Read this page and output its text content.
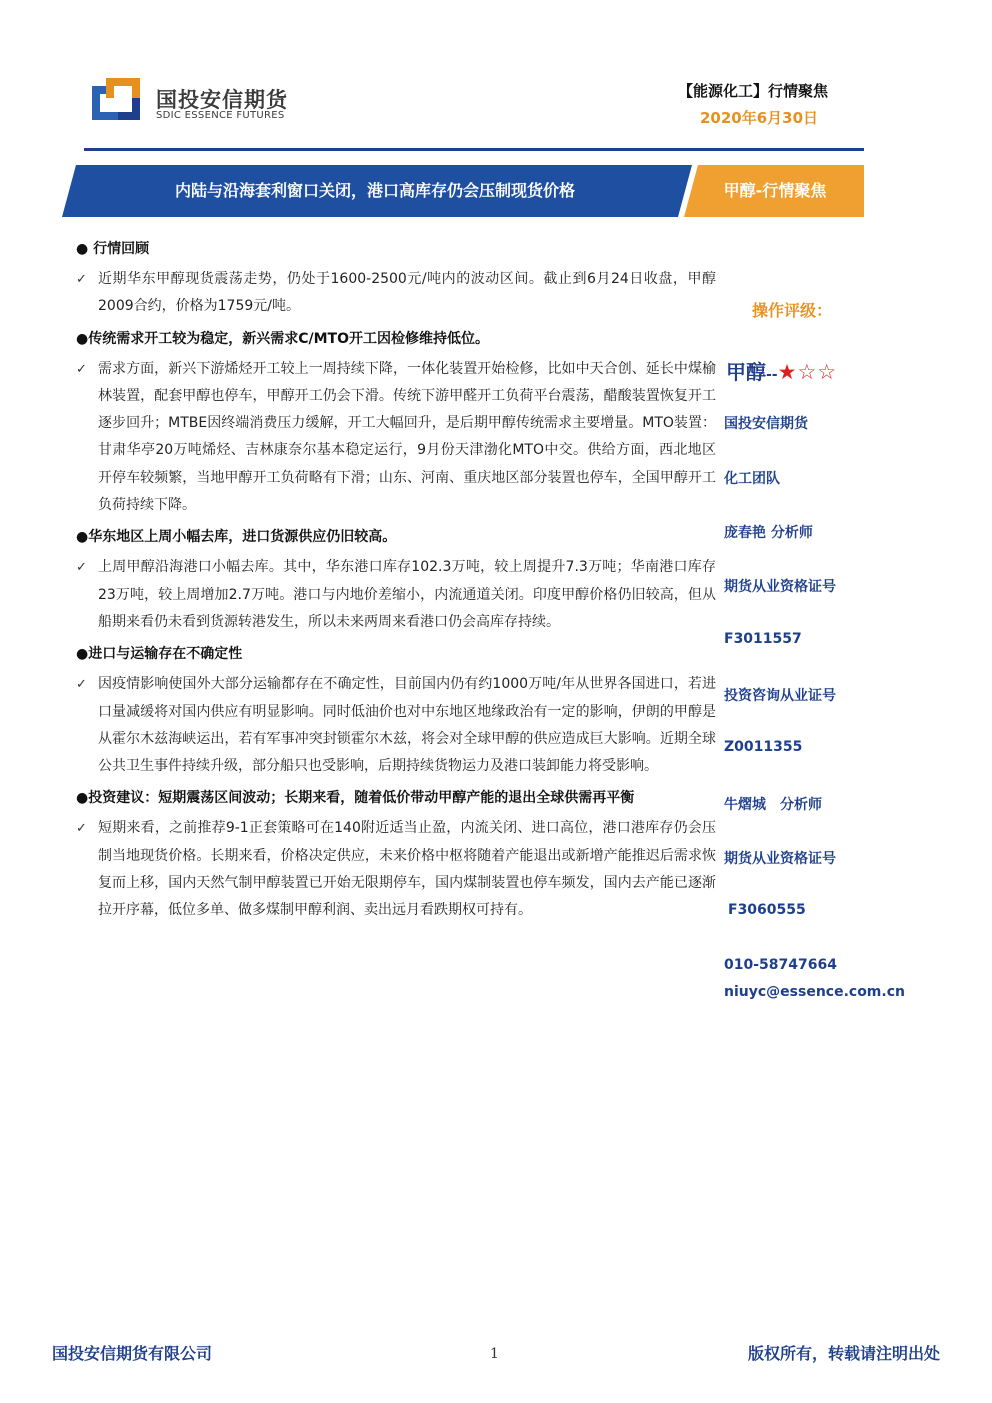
国投安信期货
SDIC ESSENCE FUTURES
【能源化工】行情聚焦
2020年6月30日
内陆与沿海套利窗口关闭，港口高库存仍会压制现货价格	甲醇-行情聚焦
● 行情回顾
✓ 近期华东甲醇现货震荡走势，仍处于1600-2500元/吨内的波动区间。截止到6月24日收盘，甲醇2009合约，价格为1759元/吨。
●传统需求开工较为稳定，新兴需求C/MTO开工因检修维持低位。
✓ 需求方面，新兴下游烯烃开工较上一周持续下降，一体化装置开始检修，比如中天合创、延长中煤榆林装置，配套甲醇也停车，甲醇开工仍会下滑。传统下游甲醛开工负荷平台震荡，醋酸装置恢复开工逐步回升；MTBE因终端消费压力缓解，开工大幅回升，是后期甲醇传统需求主要增量。MTO装置：甘肃华亭20万吨烯烃、吉林康奈尔基本稳定运行，9月份天津渤化MTO中交。供给方面，西北地区开停车较频繁，当地甲醇开工负荷略有下滑；山东、河南、重庆地区部分装置也停车，全国甲醇开工负荷持续下降。
●华东地区上周小幅去库，进口货源供应仍旧较高。
✓ 上周甲醇沿海港口小幅去库。其中，华东港口库存102.3万吨，较上周提升7.3万吨；华南港口库存23万吨，较上周增加2.7万吨。港口与内地价差缩小，内流通道关闭。印度甲醇价格仍旧较高，但从船期来看仍未看到货源转港发生，所以未来两周来看港口仍会高库存持续。
●进口与运输存在不确定性
✓ 因疫情影响使国外大部分运输都存在不确定性，目前国内仍有约1000万吨/年从世界各国进口，若进口量减缓将对国内供应有明显影响。同时低油价也对中东地区地缘政治有一定的影响，伊朗的甲醇是从霍尔木兹海峡运出，若有军事冲突封锁霍尔木兹，将会对全球甲醇的供应造成巨大影响。近期全球公共卫生事件持续升级，部分船只也受影响，后期持续货物运力及港口装卸能力将受影响。
●投资建议：短期震荡区间波动；长期来看，随着低价带动甲醇产能的退出全球供需再平衡
✓ 短期来看，之前推荐9-1正套策略可在140附近适当止盈，内流关闭、进口高位，港口港库存仍会压制当地现货价格。长期来看，价格决定供应，未来价格中枢将随着产能退出或新增产能推迟后需求恢复而上移，国内天然气制甲醇装置已开始无限期停车，国内煤制装置也停车频发，国内去产能已逐渐拉开序幕，低位多单、做多煤制甲醇利润、卖出远月看跌期权可持有。
操作评级：
甲醇--★☆☆
国投安信期货
化工团队
庞春艳 分析师
期货从业资格证号
F3011557
投资咨询从业证号
Z0011355
牛熠城　分析师
期货从业资格证号
F3060555
010-58747664
niuyc@essence.com.cn
国投安信期货有限公司	1	版权所有，转载请注明出处
